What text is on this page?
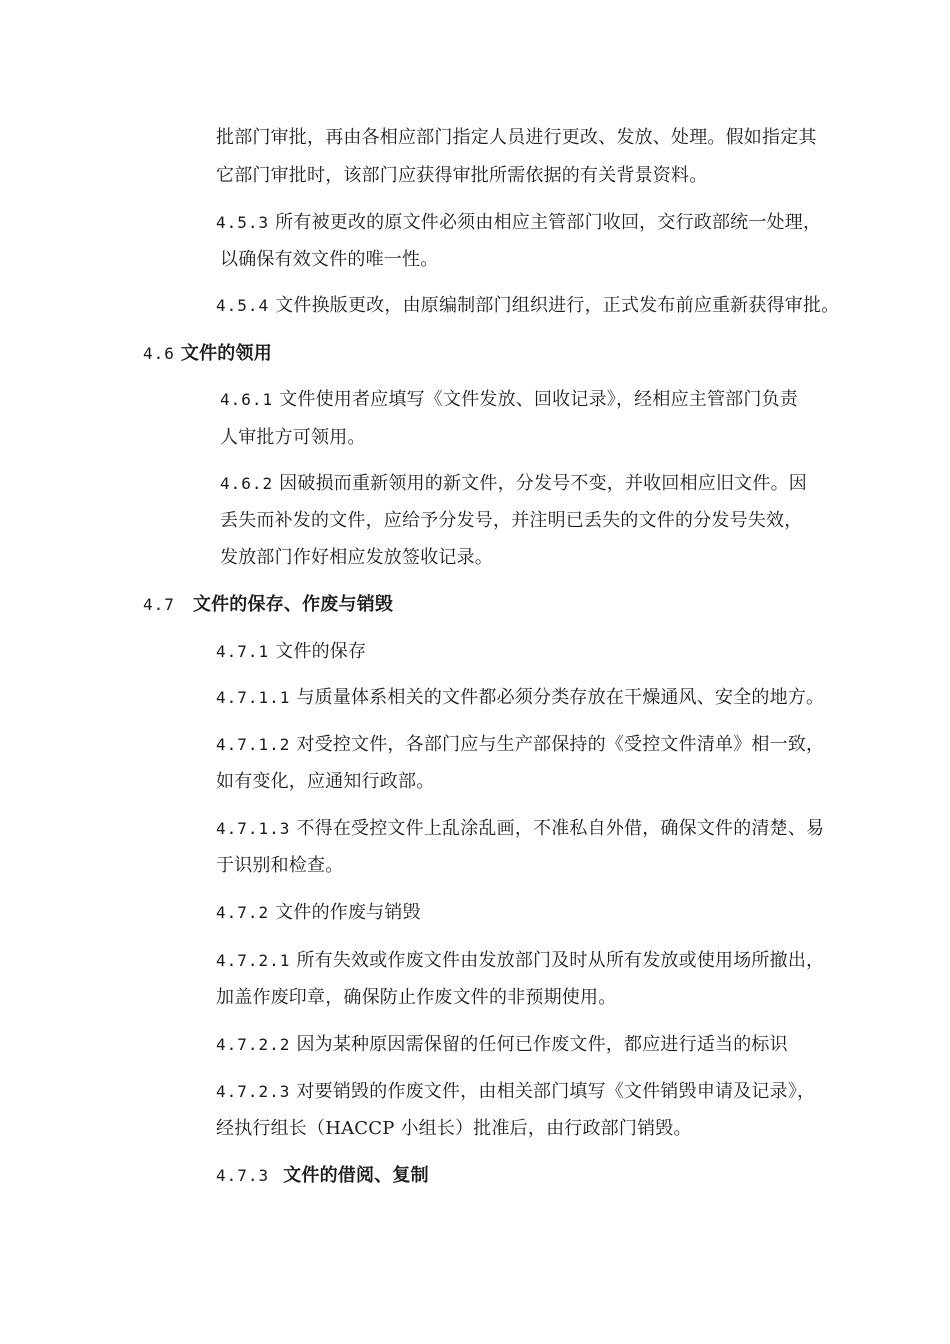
批部门审批，再由各相应部门指定人员进行更改、发放、处理。假如指定其
它部门审批时，该部门应获得审批所需依据的有关背景资料。
4.5.3 所有被更改的原文件必须由相应主管部门收回，交行政部统一处理，
以确保有效文件的唯一性。
4.5.4 文件换版更改，由原编制部门组织进行，正式发布前应重新获得审批。
4.6 文件的领用
4.6.1 文件使用者应填写《文件发放、回收记录》，经相应主管部门负责
人审批方可领用。
4.6.2 因破损而重新领用的新文件，分发号不变，并收回相应旧文件。因
丢失而补发的文件，应给予分发号，并注明已丢失的文件的分发号失效，
发放部门作好相应发放签收记录。
4.7 文件的保存、作废与销毁
4.7.1 文件的保存
4.7.1.1 与质量体系相关的文件都必须分类存放在干燥通风、安全的地方。
4.7.1.2 对受控文件，各部门应与生产部保持的《受控文件清单》相一致，
如有变化，应通知行政部。
4.7.1.3 不得在受控文件上乱涂乱画，不准私自外借，确保文件的清楚、易
于识别和检查。
4.7.2 文件的作废与销毁
4.7.2.1 所有失效或作废文件由发放部门及时从所有发放或使用场所撤出，
加盖作废印章，确保防止作废文件的非预期使用。
4.7.2.2 因为某种原因需保留的任何已作废文件，都应进行适当的标识
4.7.2.3 对要销毁的作废文件，由相关部门填写《文件销毁申请及记录》，
经执行组长（HACCP 小组长）批准后，由行政部门销毁。
4.7.3 文件的借阅、复制
